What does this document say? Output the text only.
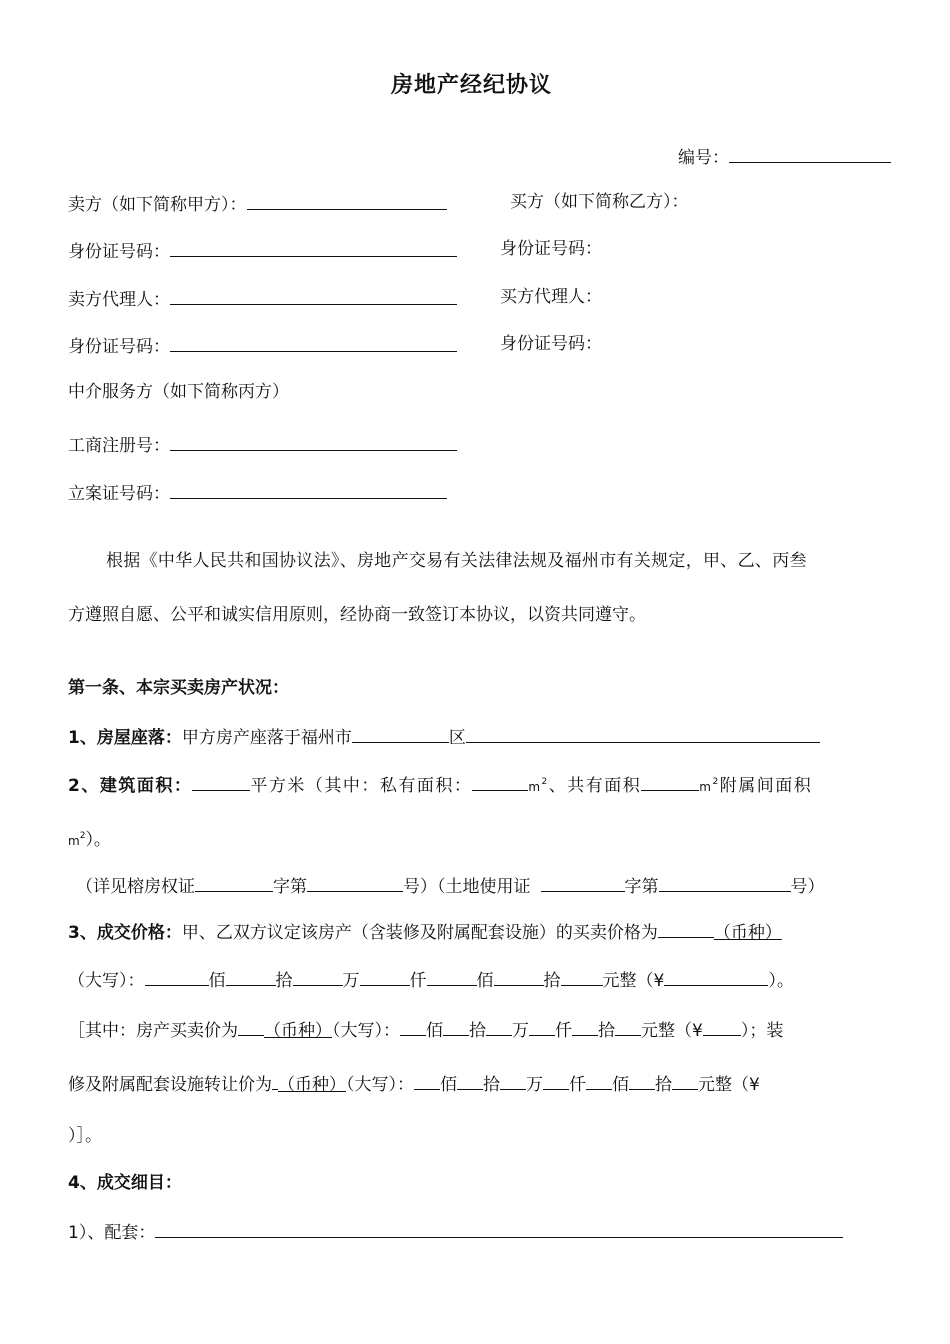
房地产经纪协议
编号：
卖方（如下简称甲方）：	买方（如下简称乙方）：
身份证号码：	身份证号码：
卖方代理人：	买方代理人：
身份证号码：	身份证号码：
中介服务方（如下简称丙方）
工商注册号：
立案证号码：
根据《中华人民共和国协议法》、房地产交易有关法律法规及福州市有关规定，甲、乙、丙叁
方遵照自愿、公平和诚实信用原则，经协商一致签订本协议，以资共同遵守。
第一条、本宗买卖房产状况：
1、房屋座落：甲方房产座落于福州市	区
2、建筑面积：	平方米（其中：私有面积：	$m^2$、共有面积	$m^2$附属间面积
$m^2$）。
（详见榕房权证	字第	号）（土地使用证	字第	号）
3、成交价格：甲、乙双方议定该房产（含装修及附属配套设施）的买卖价格为	（币种）
（大写）：	佰	拾	万	仟	佰	拾 元整（¥	）。
［其中：房产买卖价为 （币种）（大写）： 佰 拾 万 仟 拾 元整（¥ ）；装
修及附属配套设施转让价为 （币种）（大写）： 佰 拾 万 仟 佰 拾 元整（¥
）］。
4、成交细目：
1）、配套：
